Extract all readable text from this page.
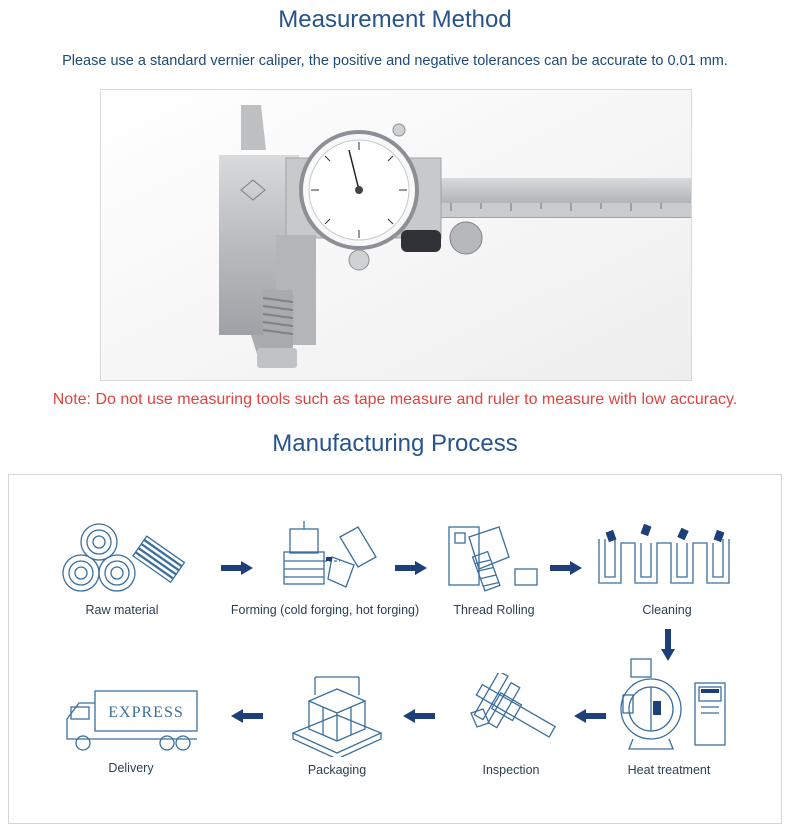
Measurement Method
Please use a standard vernier caliper, the positive and negative tolerances can be accurate to 0.01 mm.
Note: Do not use measuring tools such as tape measure and ruler to measure with low accuracy.
Manufacturing Process
Raw material	Forming (cold forging, hot forging)	Thread Rolling	Cleaning
Heat treatment
Inspection
Packaging
EXPRESS
Delivery
